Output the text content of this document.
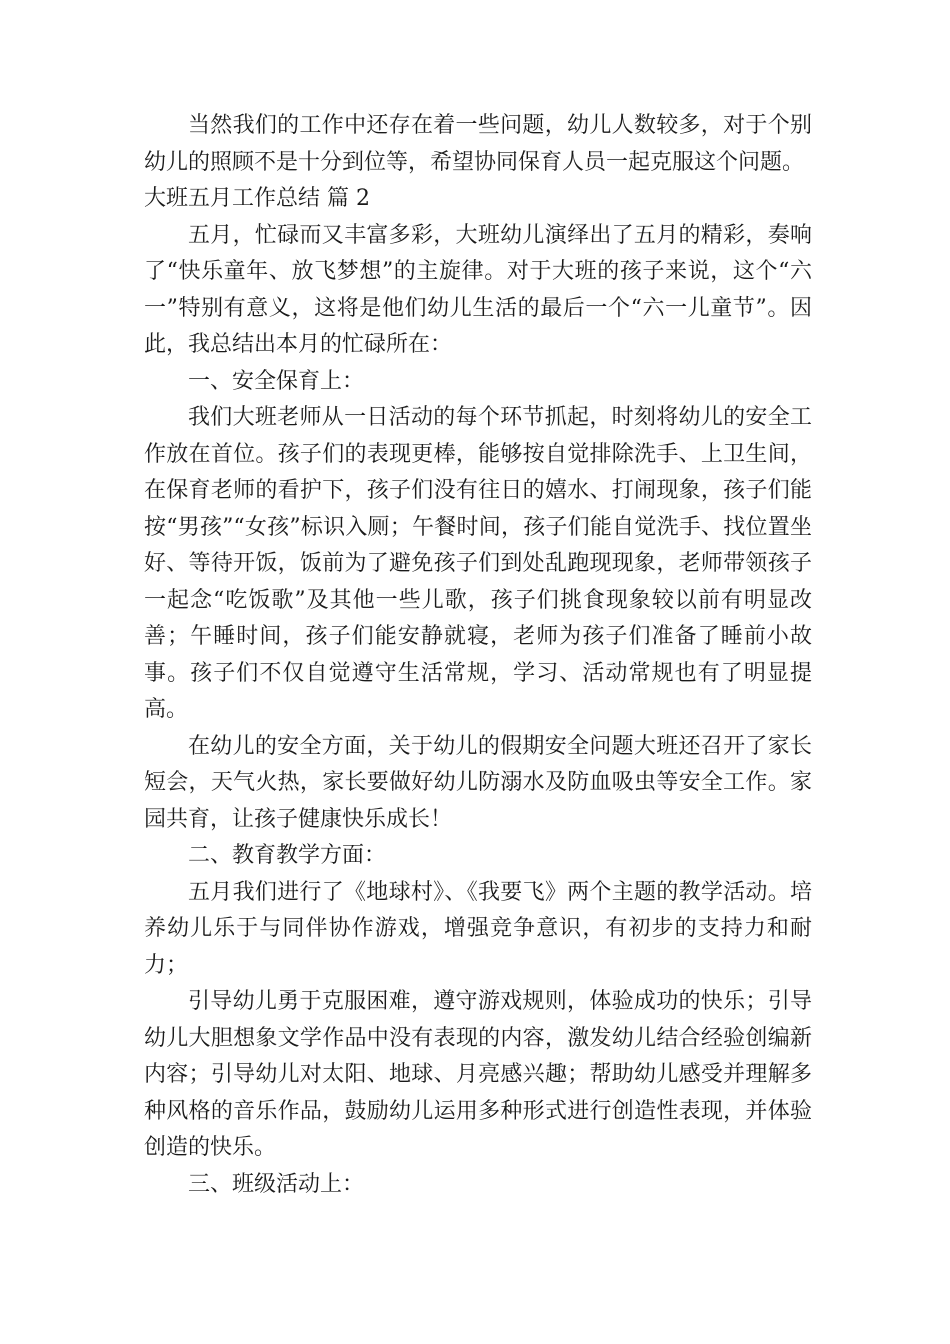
当然我们的工作中还存在着一些问题，幼儿人数较多，对于个别幼儿的照顾不是十分到位等，希望协同保育人员一起克服这个问题。

大班五月工作总结 篇 2

五月，忙碌而又丰富多彩，大班幼儿演绎出了五月的精彩，奏响了“快乐童年、放飞梦想”的主旋律。对于大班的孩子来说，这个“六一”特别有意义，这将是他们幼儿生活的最后一个“六一儿童节”。因此，我总结出本月的忙碌所在：

一、安全保育上：

我们大班老师从一日活动的每个环节抓起，时刻将幼儿的安全工作放在首位。孩子们的表现更棒，能够按自觉排除洗手、上卫生间，在保育老师的看护下，孩子们没有往日的嬉水、打闹现象，孩子们能按“男孩”“女孩”标识入厕；午餐时间，孩子们能自觉洗手、找位置坐好、等待开饭，饭前为了避免孩子们到处乱跑现现象，老师带领孩子一起念“吃饭歌”及其他一些儿歌，孩子们挑食现象较以前有明显改善；午睡时间，孩子们能安静就寝，老师为孩子们准备了睡前小故事。孩子们不仅自觉遵守生活常规，学习、活动常规也有了明显提高。

在幼儿的安全方面，关于幼儿的假期安全问题大班还召开了家长短会，天气火热，家长要做好幼儿防溺水及防血吸虫等安全工作。家园共育，让孩子健康快乐成长！

二、教育教学方面：

五月我们进行了《地球村》、《我要飞》两个主题的教学活动。培养幼儿乐于与同伴协作游戏，增强竞争意识，有初步的支持力和耐力；

引导幼儿勇于克服困难，遵守游戏规则，体验成功的快乐；引导幼儿大胆想象文学作品中没有表现的内容，激发幼儿结合经验创编新内容；引导幼儿对太阳、地球、月亮感兴趣；帮助幼儿感受并理解多种风格的音乐作品，鼓励幼儿运用多种形式进行创造性表现，并体验创造的快乐。

三、班级活动上：
